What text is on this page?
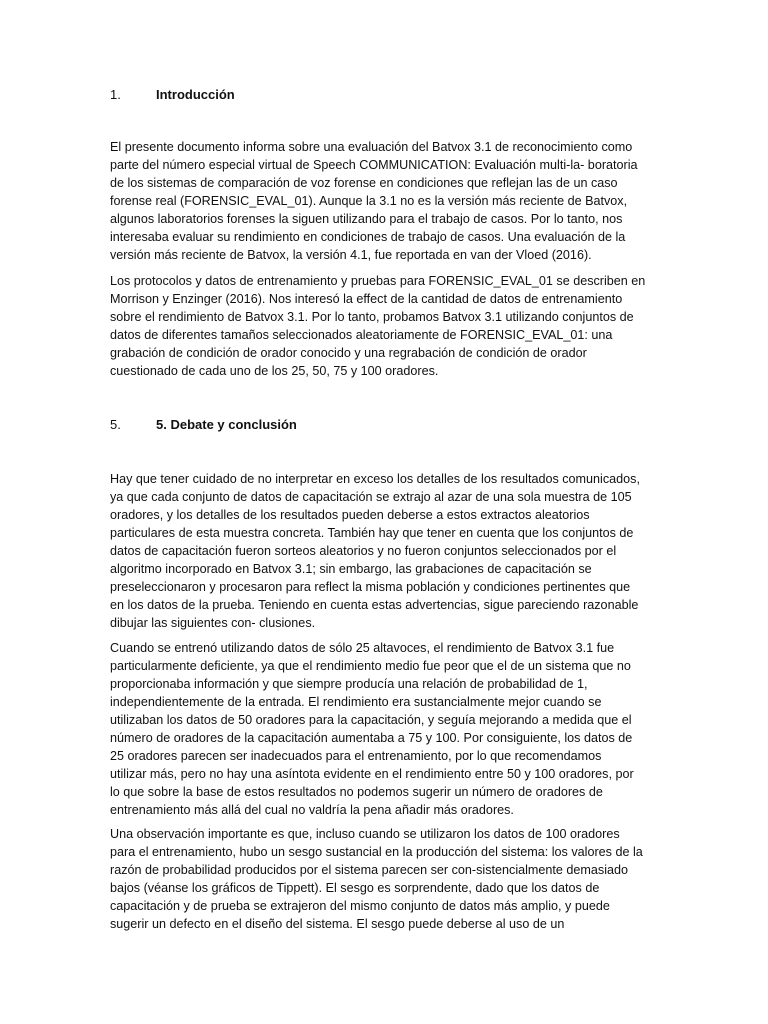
1.	Introducción

El presente documento informa sobre una evaluación del Batvox 3.1 de reconocimiento como
parte del número especial virtual de Speech COMMUNICATION: Evaluación multi-la- boratoria
de los sistemas de comparación de voz forense en condiciones que reflejan las de un caso
forense real (FORENSIC_EVAL_01). Aunque la 3.1 no es la versión más reciente de Batvox,
algunos laboratorios forenses la siguen utilizando para el trabajo de casos. Por lo tanto, nos
interesaba evaluar su rendimiento en condiciones de trabajo de casos. Una evaluación de la
versión más reciente de Batvox, la versión 4.1, fue reportada en van der Vloed (2016).

Los protocolos y datos de entrenamiento y pruebas para FORENSIC_EVAL_01 se describen en
Morrison y Enzinger (2016). Nos interesó la effect de la cantidad de datos de entrenamiento
sobre el rendimiento de Batvox 3.1. Por lo tanto, probamos Batvox 3.1 utilizando conjuntos de
datos de diferentes tamaños seleccionados aleatoriamente de FORENSIC_EVAL_01: una
grabación de condición de orador conocido y una regrabación de condición de orador
cuestionado de cada uno de los 25, 50, 75 y 100 oradores.

5.	5. Debate y conclusión

Hay que tener cuidado de no interpretar en exceso los detalles de los resultados comunicados,
ya que cada conjunto de datos de capacitación se extrajo al azar de una sola muestra de 105
oradores, y los detalles de los resultados pueden deberse a estos extractos aleatorios
particulares de esta muestra concreta. También hay que tener en cuenta que los conjuntos de
datos de capacitación fueron sorteos aleatorios y no fueron conjuntos seleccionados por el
algoritmo incorporado en Batvox 3.1; sin embargo, las grabaciones de capacitación se
preseleccionaron y procesaron para reflect la misma población y condiciones pertinentes que
en los datos de la prueba. Teniendo en cuenta estas advertencias, sigue pareciendo razonable
dibujar las siguientes con- clusiones.

Cuando se entrenó utilizando datos de sólo 25 altavoces, el rendimiento de Batvox 3.1 fue
particularmente deficiente, ya que el rendimiento medio fue peor que el de un sistema que no
proporcionaba información y que siempre producía una relación de probabilidad de 1,
independientemente de la entrada. El rendimiento era sustancialmente mejor cuando se
utilizaban los datos de 50 oradores para la capacitación, y seguía mejorando a medida que el
número de oradores de la capacitación aumentaba a 75 y 100. Por consiguiente, los datos de
25 oradores parecen ser inadecuados para el entrenamiento, por lo que recomendamos
utilizar más, pero no hay una asíntota evidente en el rendimiento entre 50 y 100 oradores, por
lo que sobre la base de estos resultados no podemos sugerir un número de oradores de
entrenamiento más allá del cual no valdría la pena añadir más oradores.

Una observación importante es que, incluso cuando se utilizaron los datos de 100 oradores
para el entrenamiento, hubo un sesgo sustancial en la producción del sistema: los valores de la
razón de probabilidad producidos por el sistema parecen ser con-sistencialmente demasiado
bajos (véanse los gráficos de Tippett). El sesgo es sorprendente, dado que los datos de
capacitación y de prueba se extrajeron del mismo conjunto de datos más amplio, y puede
sugerir un defecto en el diseño del sistema. El sesgo puede deberse al uso de un
